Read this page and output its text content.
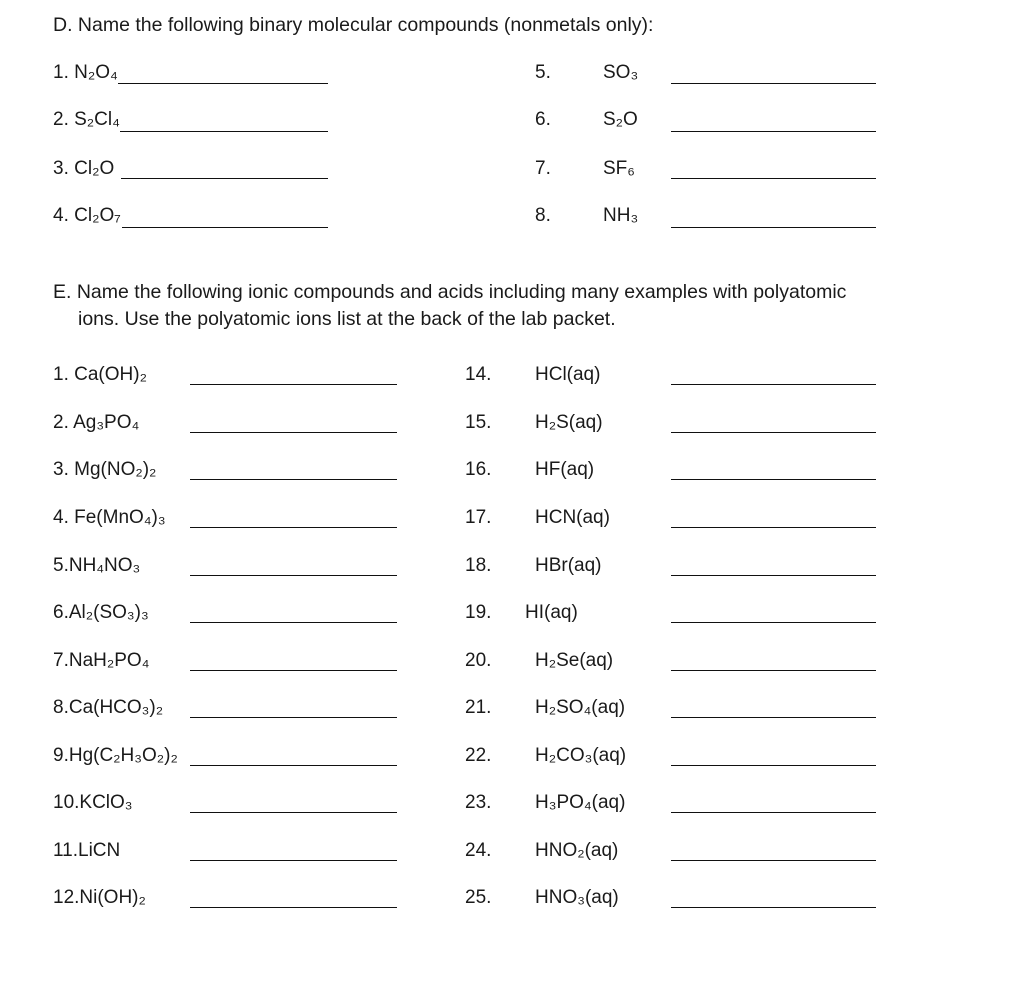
D. Name the following binary molecular compounds (nonmetals only):
1. N₂O₄	5.	SO₃
2. S₂Cl₄	6.	S₂O
3. Cl₂O	7.	SF₆
4. Cl₂O₇	8.	NH₃
E. Name the following ionic compounds and acids including many examples with polyatomic
ions. Use the polyatomic ions list at the back of the lab packet.
1. Ca(OH)₂	14. HCl(aq)
2. Ag₃PO₄	15. H₂S(aq)
3. Mg(NO₂)₂	16. HF(aq)
4. Fe(MnO₄)₃	17. HCN(aq)
5.NH₄NO₃	18. HBr(aq)
6.Al₂(SO₃)₃	19. HI(aq)
7.NaH₂PO₄	20. H₂Se(aq)
8.Ca(HCO₃)₂	21. H₂SO₄(aq)
9.Hg(C₂H₃O₂)₂	22. H₂CO₃(aq)
10.KClO₃	23. H₃PO₄(aq)
11.LiCN	24. HNO₂(aq)
12.Ni(OH)₂	25. HNO₃(aq)
